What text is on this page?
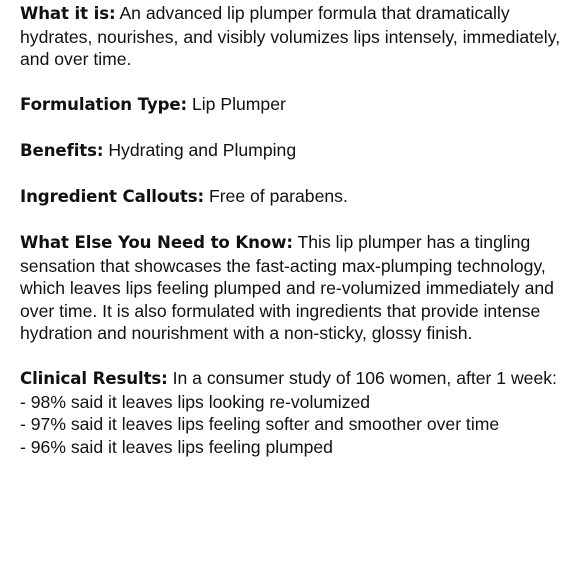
What it is: An advanced lip plumper formula that dramatically hydrates, nourishes, and visibly volumizes lips intensely, immediately, and over time.

Formulation Type: Lip Plumper

Benefits: Hydrating and Plumping

Ingredient Callouts: Free of parabens.

What Else You Need to Know: This lip plumper has a tingling sensation that showcases the fast-acting max-plumping technology, which leaves lips feeling plumped and re-volumized immediately and over time. It is also formulated with ingredients that provide intense hydration and nourishment with a non-sticky, glossy finish.

Clinical Results: In a consumer study of 106 women, after 1 week:
- 98% said it leaves lips looking re-volumized
- 97% said it leaves lips feeling softer and smoother over time
- 96% said it leaves lips feeling plumped
